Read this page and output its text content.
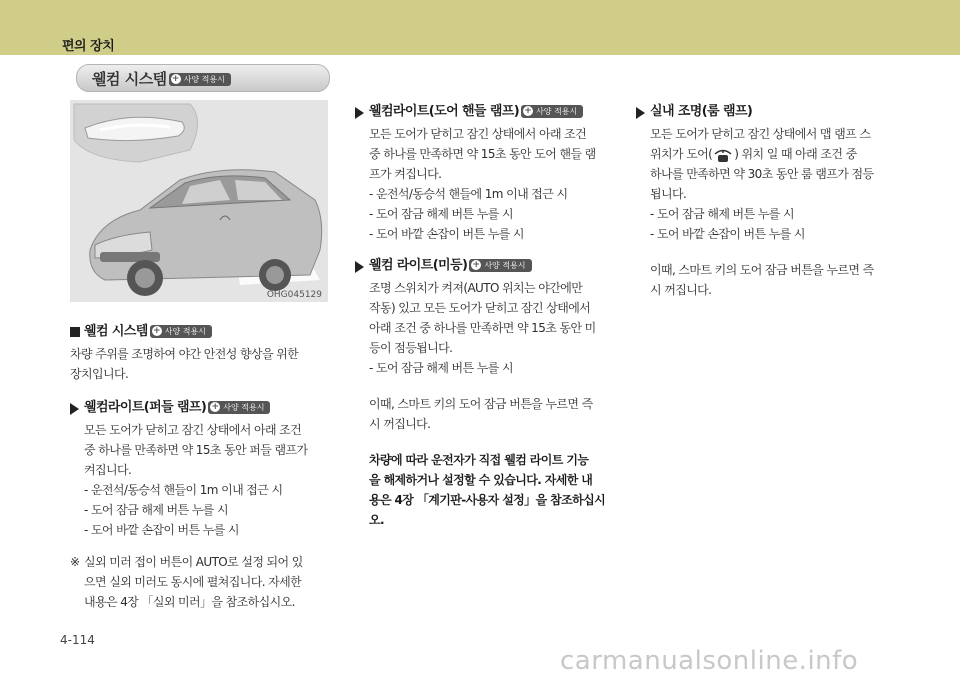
편의 장치
웰컴 시스템 + 사양 적용시
OHG045129
웰컴 시스템 + 사양 적용시
차량 주위를 조명하여 야간 안전성 향상을 위한
장치입니다.
웰컴라이트(퍼들 램프) + 사양 적용시
모든 도어가 닫히고 잠긴 상태에서 아래 조건
중 하나를 만족하면 약 15초 동안 퍼들 램프가
켜집니다.
- 운전석/동승석 핸들이 1m 이내 접근 시
- 도어 잠금 해제 버튼 누를 시
- 도어 바깥 손잡이 버튼 누를 시
※ 실외 미러 접이 버튼이 AUTO로 설정 되어 있
으면 실외 미러도 동시에 펼쳐집니다. 자세한
내용은 4장 「실외 미러」을 참조하십시오.
웰컴라이트(도어 핸들 램프) + 사양 적용시
모든 도어가 닫히고 잠긴 상태에서 아래 조건
중 하나를 만족하면 약 15초 동안 도어 핸들 램
프가 켜집니다.
- 운전석/동승석 핸들에 1m 이내 접근 시
- 도어 잠금 해제 버튼 누를 시
- 도어 바깥 손잡이 버튼 누를 시
웰컴 라이트(미등) + 사양 적용시
조명 스위치가 켜져(AUTO 위치는 야간에만
작동) 있고 모든 도어가 닫히고 잠긴 상태에서
아래 조건 중 하나를 만족하면 약 15초 동안 미
등이 점등됩니다.
- 도어 잠금 해제 버튼 누를 시
이때, 스마트 키의 도어 잠금 버튼을 누르면 즉
시 꺼집니다.
차량에 따라 운전자가 직접 웰컴 라이트 기능
을 해제하거나 설정할 수 있습니다. 자세한 내
용은 4장 「계기판-사용자 설정」을 참조하십시
오.
실내 조명(룸 램프)
모든 도어가 닫히고 잠긴 상태에서 맵 램프 스
위치가 도어( ) 위치 일 때 아래 조건 중
하나를 만족하면 약 30초 동안 룸 램프가 점등
됩니다.
- 도어 잠금 해제 버튼 누를 시
- 도어 바깥 손잡이 버튼 누를 시
이때, 스마트 키의 도어 잠금 버튼을 누르면 즉
시 꺼집니다.
4-114
carmanualsonline.info
